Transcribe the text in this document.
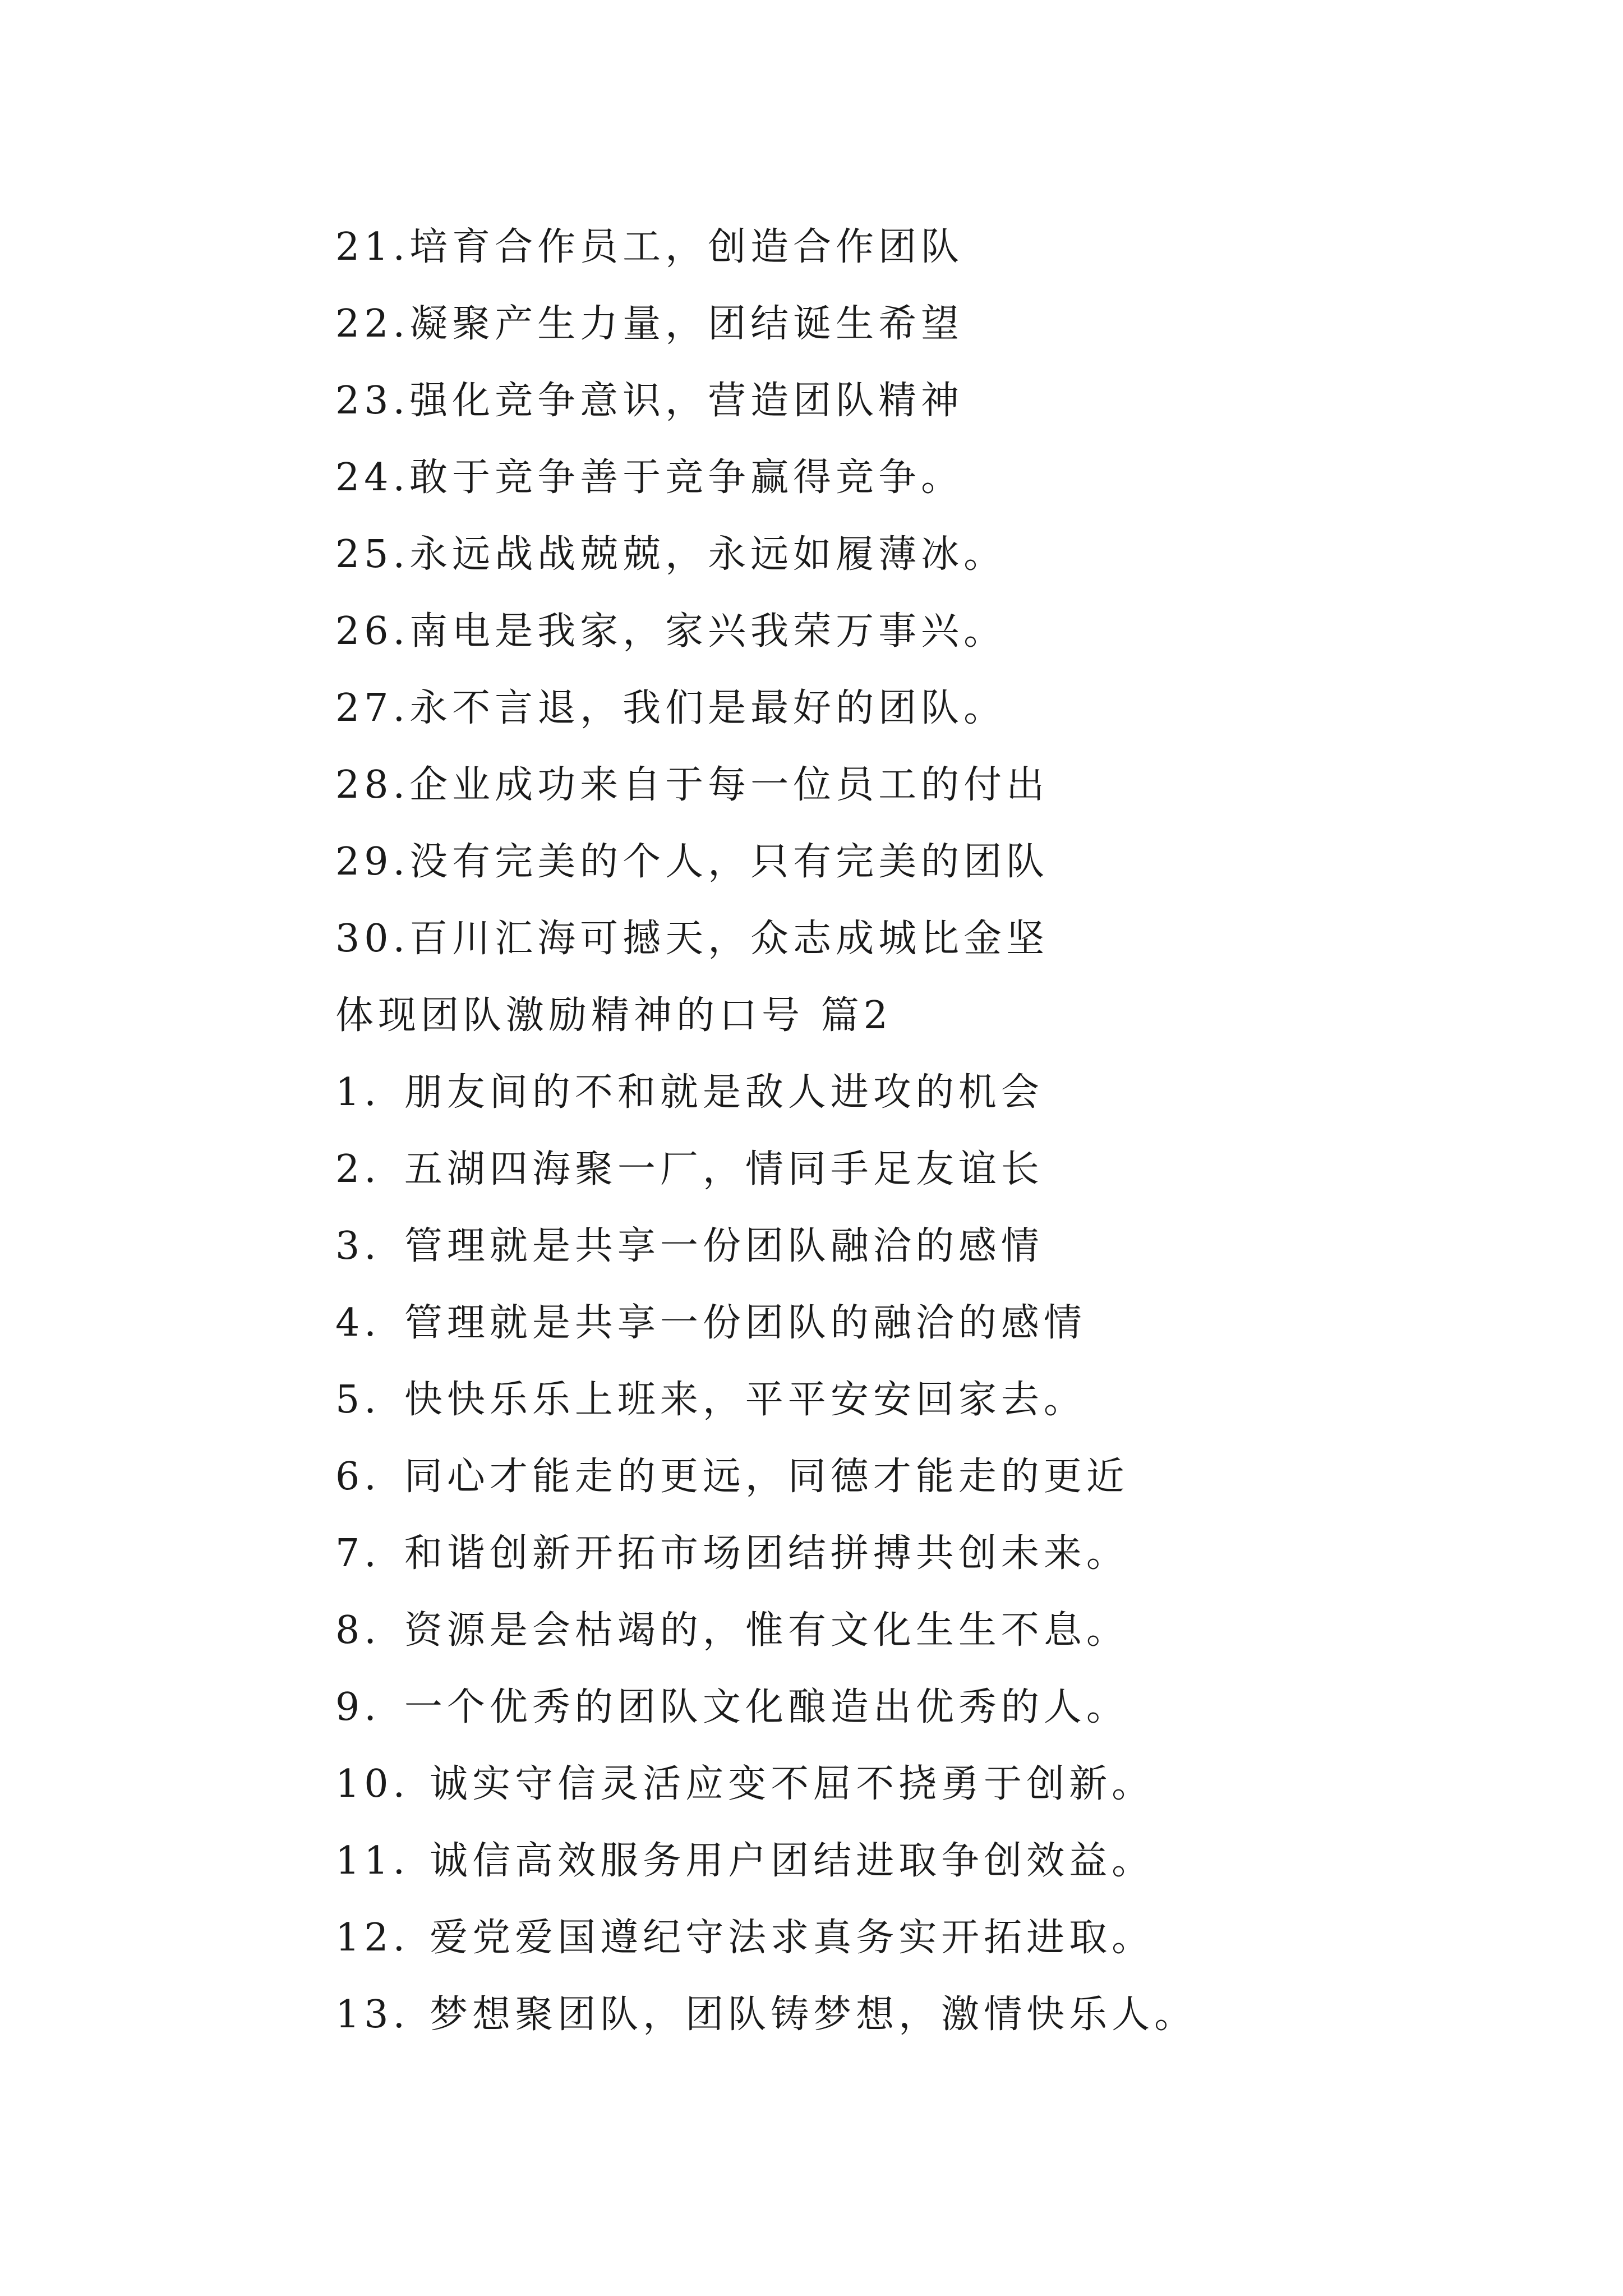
21.培育合作员工，创造合作团队
22.凝聚产生力量，团结诞生希望
23.强化竞争意识，营造团队精神
24.敢于竞争善于竞争赢得竞争。
25.永远战战兢兢，永远如履薄冰。
26.南电是我家，家兴我荣万事兴。
27.永不言退，我们是最好的团队。
28.企业成功来自于每一位员工的付出
29.没有完美的个人，只有完美的团队
30.百川汇海可撼天，众志成城比金坚
体现团队激励精神的口号 篇2
1. 朋友间的不和就是敌人进攻的机会
2. 五湖四海聚一厂，情同手足友谊长
3. 管理就是共享一份团队融洽的感情
4. 管理就是共享一份团队的融洽的感情
5. 快快乐乐上班来，平平安安回家去。
6. 同心才能走的更远，同德才能走的更近
7. 和谐创新开拓市场团结拼搏共创未来。
8. 资源是会枯竭的，惟有文化生生不息。
9. 一个优秀的团队文化酿造出优秀的人。
10. 诚实守信灵活应变不屈不挠勇于创新。
11. 诚信高效服务用户团结进取争创效益。
12. 爱党爱国遵纪守法求真务实开拓进取。
13. 梦想聚团队，团队铸梦想，激情快乐人。
